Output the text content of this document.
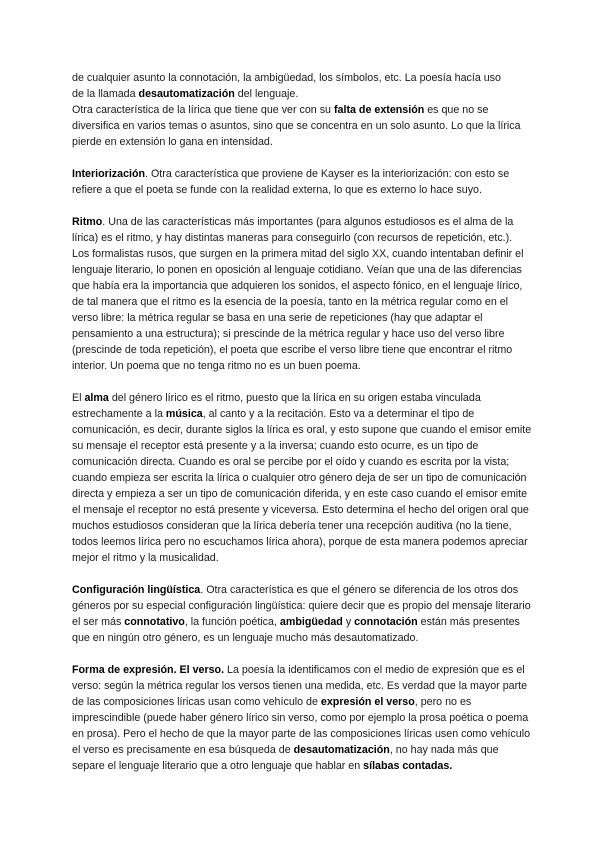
de cualquier asunto la connotación, la ambigüedad, los símbolos, etc. La poesía hacía uso
de la llamada desautomatización del lenguaje.

Otra característica de la lírica que tiene que ver con su falta de extensión es que no se diversifica en varios temas o asuntos, sino que se concentra en un solo asunto. Lo que la lírica pierde en extensión lo gana en intensidad.

Interiorización. Otra característica que proviene de Kayser es la interiorización: con esto se refiere a que el poeta se funde con la realidad externa, lo que es externo lo hace suyo.

Ritmo. Una de las características más importantes (para algunos estudiosos es el alma de la lírica) es el ritmo, y hay distintas maneras para conseguirlo (con recursos de repetición, etc.).

Los formalistas rusos, que surgen en la primera mitad del siglo XX, cuando intentaban definir el lenguaje literario, lo ponen en oposición al lenguaje cotidiano. Veían que una de las diferencias que había era la importancia que adquieren los sonidos, el aspecto fónico, en el lenguaje lírico, de tal manera que el ritmo es la esencia de la poesía, tanto en la métrica regular como en el verso libre: la métrica regular se basa en una serie de repeticiones (hay que adaptar el pensamiento a una estructura); si prescinde de la métrica regular y hace uso del verso libre (prescinde de toda repetición), el poeta que escribe el verso libre tiene que encontrar el ritmo interior. Un poema que no tenga ritmo no es un buen poema.

El alma del género lírico es el ritmo, puesto que la lírica en su origen estaba vinculada estrechamente a la música, al canto y a la recitación. Esto va a determinar el tipo de comunicación, es decir, durante siglos la lírica es oral, y esto supone que cuando el emisor emite su mensaje el receptor está presente y a la inversa; cuando esto ocurre, es un tipo de comunicación directa. Cuando es oral se percibe por el oído y cuando es escrita por la vista; cuando empieza ser escrita la lírica o cualquier otro género deja de ser un tipo de comunicación directa y empieza a ser un tipo de comunicación diferida, y en este caso cuando el emisor emite el mensaje el receptor no está presente y viceversa. Esto determina el hecho del origen oral que muchos estudiosos consideran que la lírica debería tener una recepción auditiva (no la tiene, todos leemos lírica pero no escuchamos lírica ahora), porque de esta manera podemos apreciar mejor el ritmo y la musicalidad.

Configuración lingüística. Otra característica es que el género se diferencia de los otros dos géneros por su especial configuración lingüística: quiere decir que es propio del mensaje literario el ser más connotativo, la función poética, ambigüedad y connotación están más presentes que en ningún otro género, es un lenguaje mucho más desautomatizado.

Forma de expresión. El verso. La poesía la identificamos con el medio de expresión que es el verso: según la métrica regular los versos tienen una medida, etc. Es verdad que la mayor parte de las composiciones líricas usan como vehículo de expresión el verso, pero no es imprescindible (puede haber género lírico sin verso, como por ejemplo la prosa poética o poema en prosa). Pero el hecho de que la mayor parte de las composiciones líricas usen como vehículo el verso es precisamente en esa búsqueda de desautomatización, no hay nada más que separe el lenguaje literario que a otro lenguaje que hablar en sílabas contadas.
